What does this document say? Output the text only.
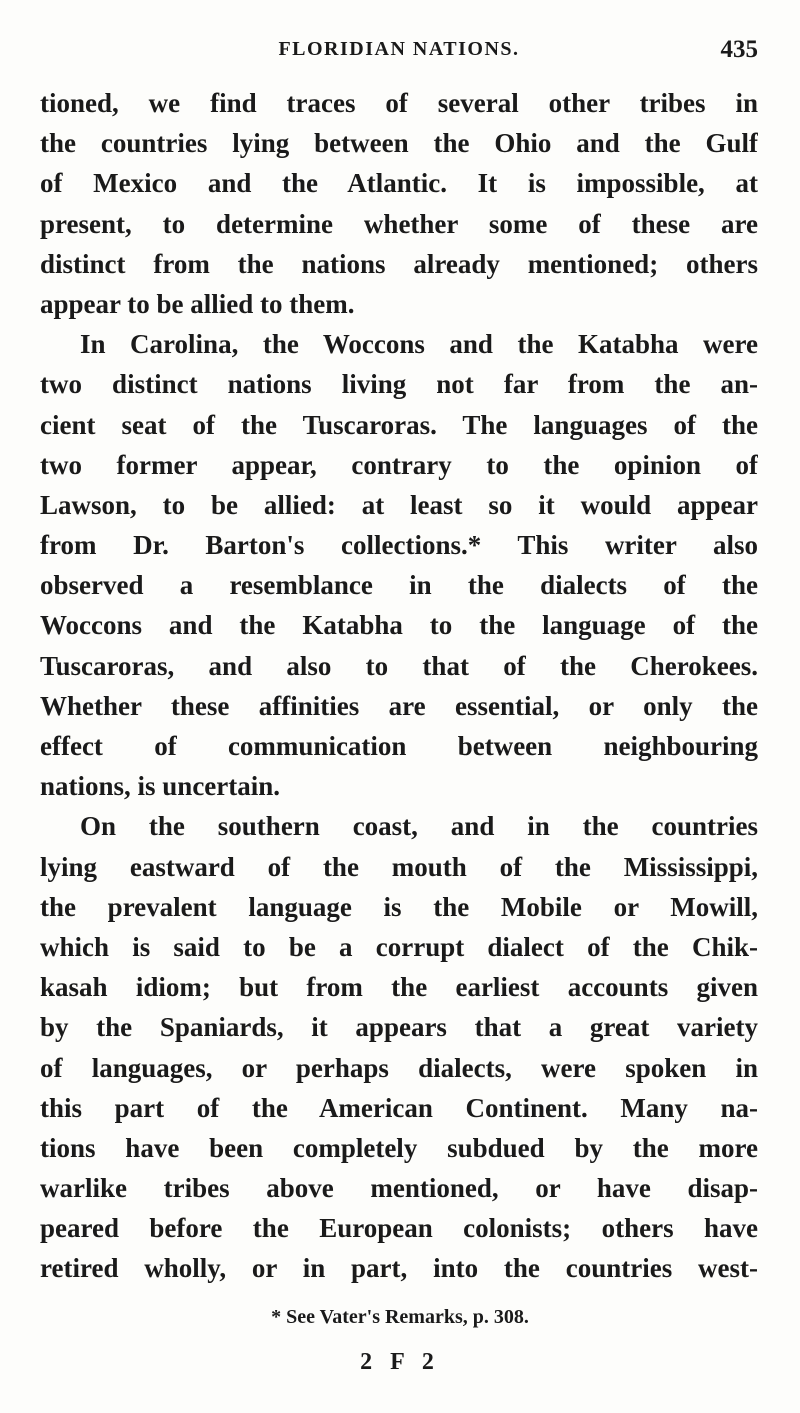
FLORIDIAN NATIONS.	435
tioned, we find traces of several other tribes in
the countries lying between the Ohio and the Gulf
of Mexico and the Atlantic. It is impossible, at
present, to determine whether some of these are
distinct from the nations already mentioned; others
appear to be allied to them.
In Carolina, the Woccons and the Katabha were
two distinct nations living not far from the an-
cient seat of the Tuscaroras. The languages of the
two former appear, contrary to the opinion of
Lawson, to be allied: at least so it would appear
from Dr. Barton's collections.* This writer also
observed a resemblance in the dialects of the
Woccons and the Katabha to the language of the
Tuscaroras, and also to that of the Cherokees.
Whether these affinities are essential, or only the
effect of communication between neighbouring
nations, is uncertain.
On the southern coast, and in the countries
lying eastward of the mouth of the Mississippi,
the prevalent language is the Mobile or Mowill,
which is said to be a corrupt dialect of the Chik-
kasah idiom; but from the earliest accounts given
by the Spaniards, it appears that a great variety
of languages, or perhaps dialects, were spoken in
this part of the American Continent. Many na-
tions have been completely subdued by the more
warlike tribes above mentioned, or have disap-
peared before the European colonists; others have
retired wholly, or in part, into the countries west-
* See Vater's Remarks, p. 308.
2 F 2
